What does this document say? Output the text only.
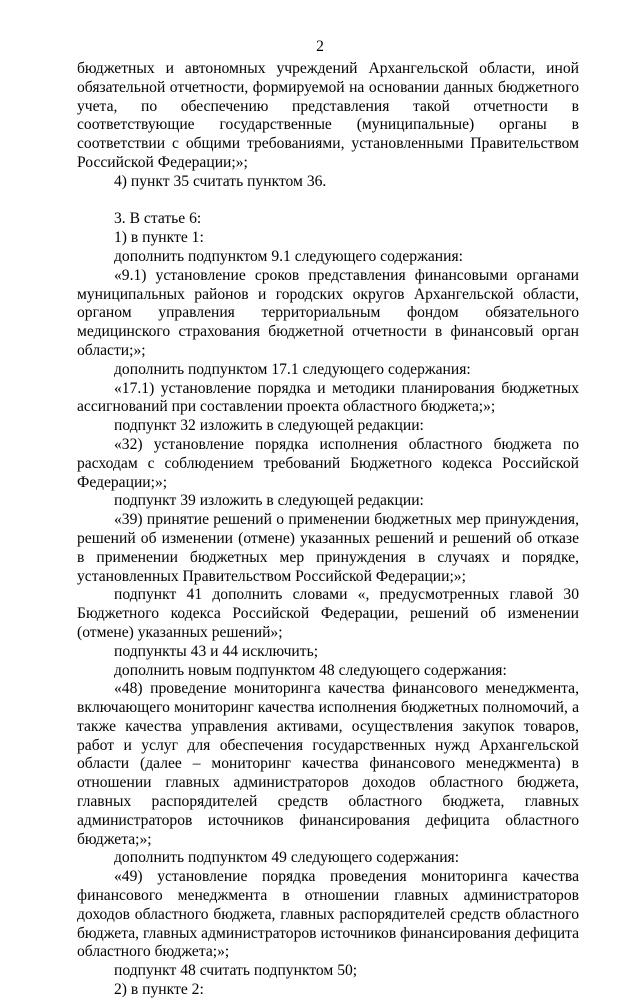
2

бюджетных и автономных учреждений Архангельской области, иной обязательной отчетности, формируемой на основании данных бюджетного учета, по обеспечению представления такой отчетности в соответствующие государственные (муниципальные) органы в соответствии с общими требованиями, установленными Правительством Российской Федерации;»;

4) пункт 35 считать пунктом 36.

3. В статье 6:

1) в пункте 1:

дополнить подпунктом 9.1 следующего содержания:

«9.1) установление сроков представления финансовыми органами муниципальных районов и городских округов Архангельской области, органом управления территориальным фондом обязательного медицинского страхования бюджетной отчетности в финансовый орган области;»;

дополнить подпунктом 17.1 следующего содержания:

«17.1) установление порядка и методики планирования бюджетных ассигнований при составлении проекта областного бюджета;»;

подпункт 32 изложить в следующей редакции:

«32) установление порядка исполнения областного бюджета по расходам с соблюдением требований Бюджетного кодекса Российской Федерации;»;

подпункт 39 изложить в следующей редакции:

«39) принятие решений о применении бюджетных мер принуждения, решений об изменении (отмене) указанных решений и решений об отказе в применении бюджетных мер принуждения в случаях и порядке, установленных Правительством Российской Федерации;»;

подпункт 41 дополнить словами «, предусмотренных главой 30 Бюджетного кодекса Российской Федерации, решений об изменении (отмене) указанных решений»;

подпункты 43 и 44 исключить;

дополнить новым подпунктом 48 следующего содержания:

«48) проведение мониторинга качества финансового менеджмента, включающего мониторинг качества исполнения бюджетных полномочий, а также качества управления активами, осуществления закупок товаров, работ и услуг для обеспечения государственных нужд Архангельской области (далее – мониторинг качества финансового менеджмента) в отношении главных администраторов доходов областного бюджета, главных распорядителей средств областного бюджета, главных администраторов источников финансирования дефицита областного бюджета;»;

дополнить подпунктом 49 следующего содержания:

«49) установление порядка проведения мониторинга качества финансового менеджмента в отношении главных администраторов доходов областного бюджета, главных распорядителей средств областного бюджета, главных администраторов источников финансирования дефицита областного бюджета;»;

подпункт 48 считать подпунктом 50;

2) в пункте 2:
